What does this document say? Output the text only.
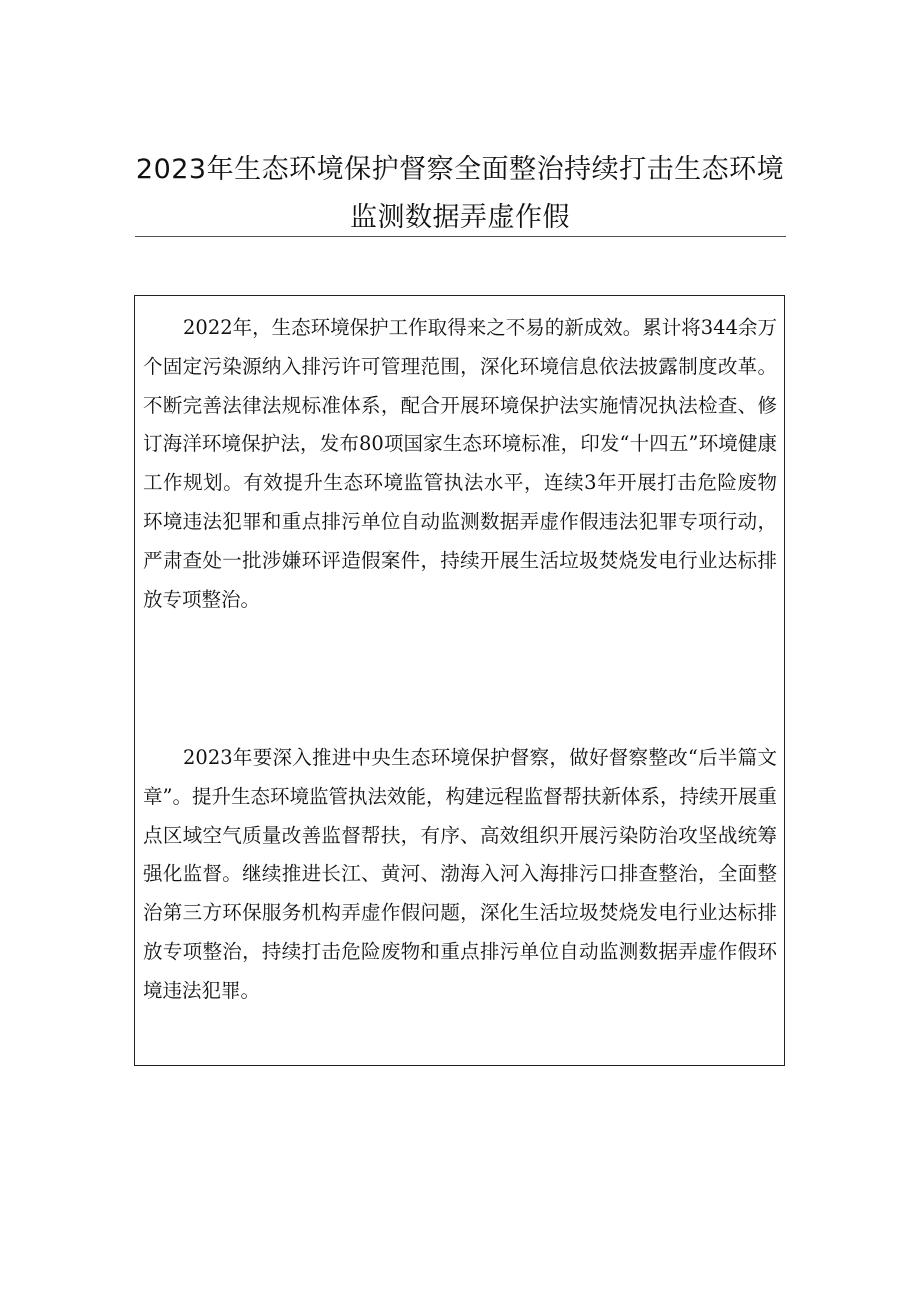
2023年生态环境保护督察全面整治持续打击生态环境监测数据弄虚作假

2022年，生态环境保护工作取得来之不易的新成效。累计将344余万个固定污染源纳入排污许可管理范围，深化环境信息依法披露制度改革。不断完善法律法规标准体系，配合开展环境保护法实施情况执法检查、修订海洋环境保护法，发布80项国家生态环境标准，印发“十四五”环境健康工作规划。有效提升生态环境监管执法水平，连续3年开展打击危险废物环境违法犯罪和重点排污单位自动监测数据弄虚作假违法犯罪专项行动，严肃查处一批涉嫌环评造假案件，持续开展生活垃圾焚烧发电行业达标排放专项整治。

2023年要深入推进中央生态环境保护督察，做好督察整改“后半篇文章”。提升生态环境监管执法效能，构建远程监督帮扶新体系，持续开展重点区域空气质量改善监督帮扶，有序、高效组织开展污染防治攻坚战统筹强化监督。继续推进长江、黄河、渤海入河入海排污口排查整治，全面整治第三方环保服务机构弄虚作假问题，深化生活垃圾焚烧发电行业达标排放专项整治，持续打击危险废物和重点排污单位自动监测数据弄虚作假环境违法犯罪。
